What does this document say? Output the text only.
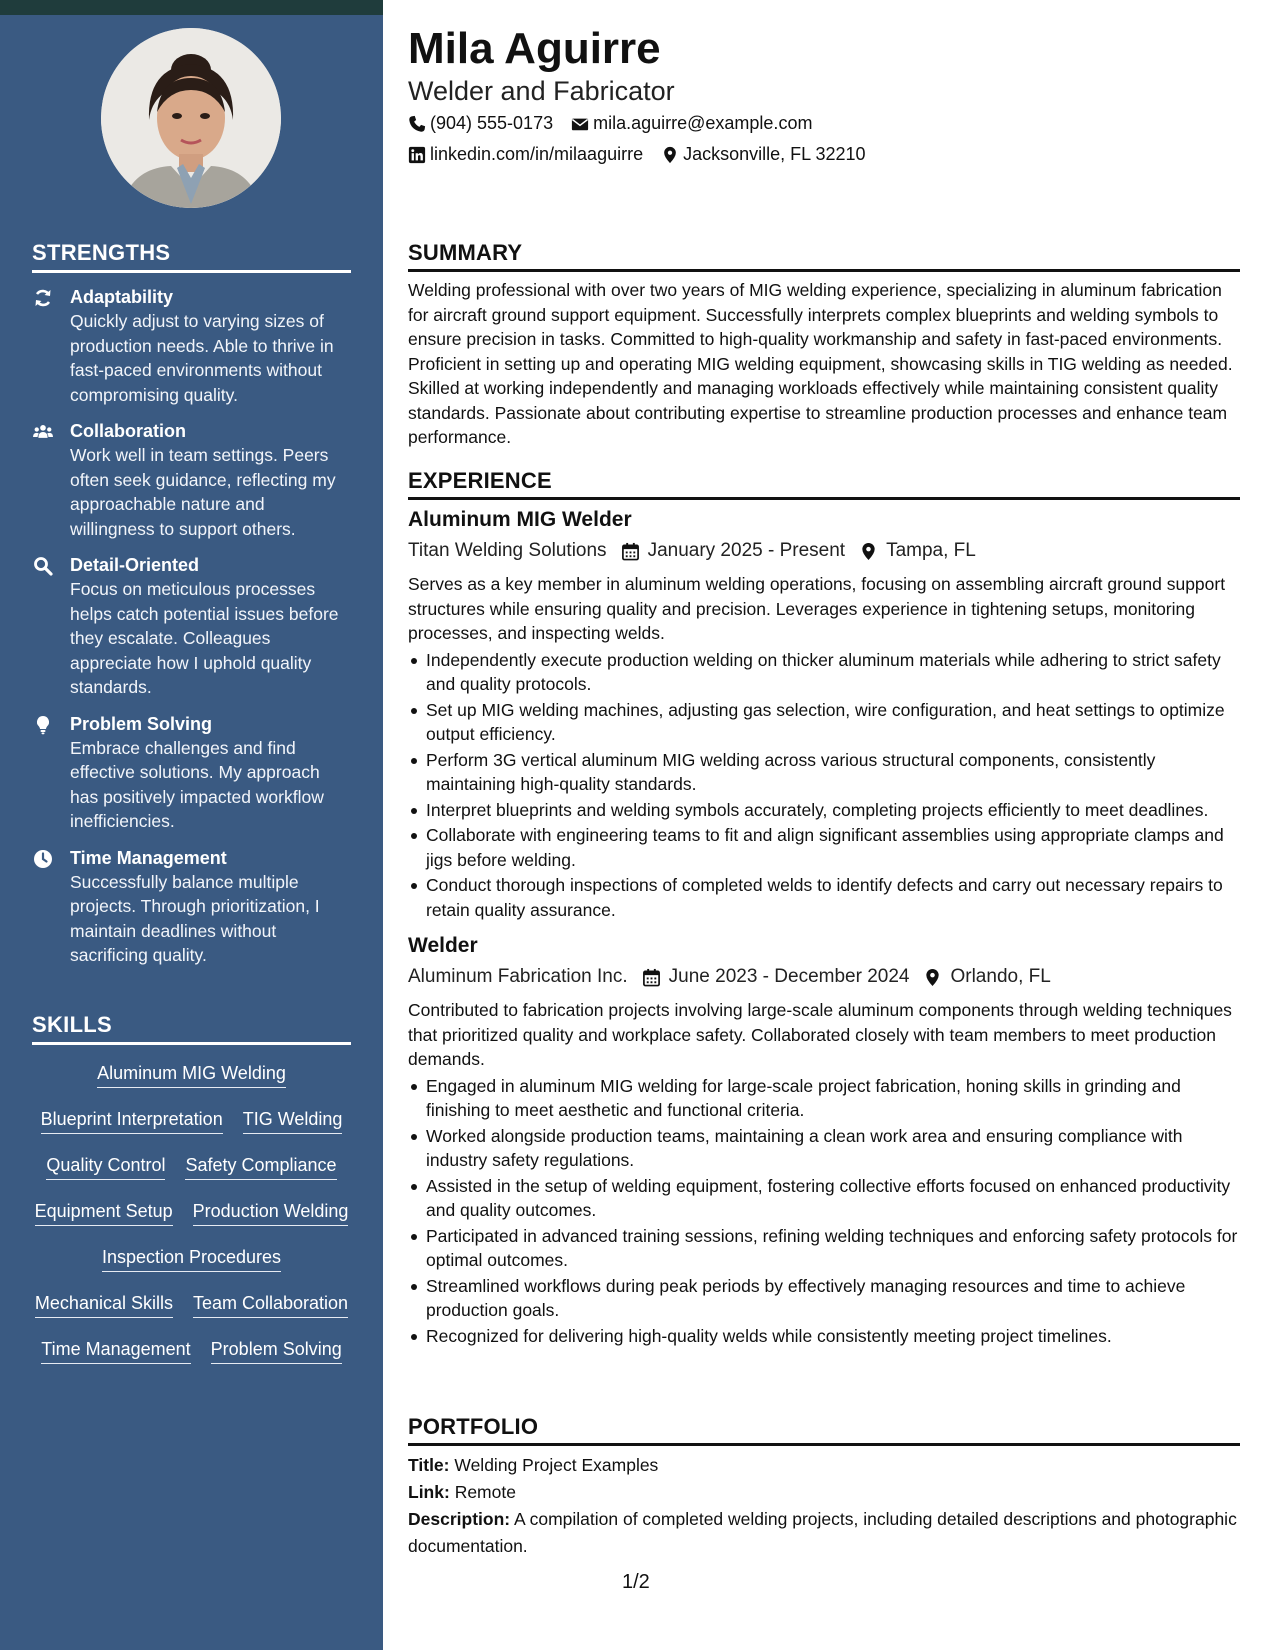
STRENGTHS
Adaptability
Quickly adjust to varying sizes of production needs. Able to thrive in fast-paced environments without compromising quality.
Collaboration
Work well in team settings. Peers often seek guidance, reflecting my approachable nature and willingness to support others.
Detail-Oriented
Focus on meticulous processes helps catch potential issues before they escalate. Colleagues appreciate how I uphold quality standards.
Problem Solving
Embrace challenges and find effective solutions. My approach has positively impacted workflow inefficiencies.
Time Management
Successfully balance multiple projects. Through prioritization, I maintain deadlines without sacrificing quality.
SKILLS
Aluminum MIG Welding
Blueprint Interpretation TIG Welding
Quality Control Safety Compliance
Equipment Setup Production Welding
Inspection Procedures
Mechanical Skills Team Collaboration
Time Management Problem Solving
Mila Aguirre
Welder and Fabricator
(904) 555-0173 mila.aguirre@example.com
linkedin.com/in/milaaguirre Jacksonville, FL 32210
SUMMARY

Welding professional with over two years of MIG welding experience, specializing in aluminum fabrication for aircraft ground support equipment. Successfully interprets complex blueprints and welding symbols to ensure precision in tasks. Committed to high-quality workmanship and safety in fast-paced environments. Proficient in setting up and operating MIG welding equipment, showcasing skills in TIG welding as needed. Skilled at working independently and managing workloads effectively while maintaining consistent quality standards. Passionate about contributing expertise to streamline production processes and enhance team performance.

EXPERIENCE
Aluminum MIG Welder
Titan Welding Solutions January 2025 - Present Tampa, FL

Serves as a key member in aluminum welding operations, focusing on assembling aircraft ground support structures while ensuring quality and precision. Leverages experience in tightening setups, monitoring processes, and inspecting welds.

Independently execute production welding on thicker aluminum materials while adhering to strict safety and quality protocols.
Set up MIG welding machines, adjusting gas selection, wire configuration, and heat settings to optimize output efficiency.
Perform 3G vertical aluminum MIG welding across various structural components, consistently maintaining high-quality standards.
Interpret blueprints and welding symbols accurately, completing projects efficiently to meet deadlines.
Collaborate with engineering teams to fit and align significant assemblies using appropriate clamps and jigs before welding.
Conduct thorough inspections of completed welds to identify defects and carry out necessary repairs to retain quality assurance.
Welder
Aluminum Fabrication Inc. June 2023 - December 2024 Orlando, FL

Contributed to fabrication projects involving large-scale aluminum components through welding techniques that prioritized quality and workplace safety. Collaborated closely with team members to meet production demands.

Engaged in aluminum MIG welding for large-scale project fabrication, honing skills in grinding and finishing to meet aesthetic and functional criteria.
Worked alongside production teams, maintaining a clean work area and ensuring compliance with industry safety regulations.
Assisted in the setup of welding equipment, fostering collective efforts focused on enhanced productivity and quality outcomes.
Participated in advanced training sessions, refining welding techniques and enforcing safety protocols for optimal outcomes.
Streamlined workflows during peak periods by effectively managing resources and time to achieve production goals.
Recognized for delivering high-quality welds while consistently meeting project timelines.
PORTFOLIO
Title: Welding Project Examples
Link: Remote
Description: A compilation of completed welding projects, including detailed descriptions and photographic documentation.
1/2
